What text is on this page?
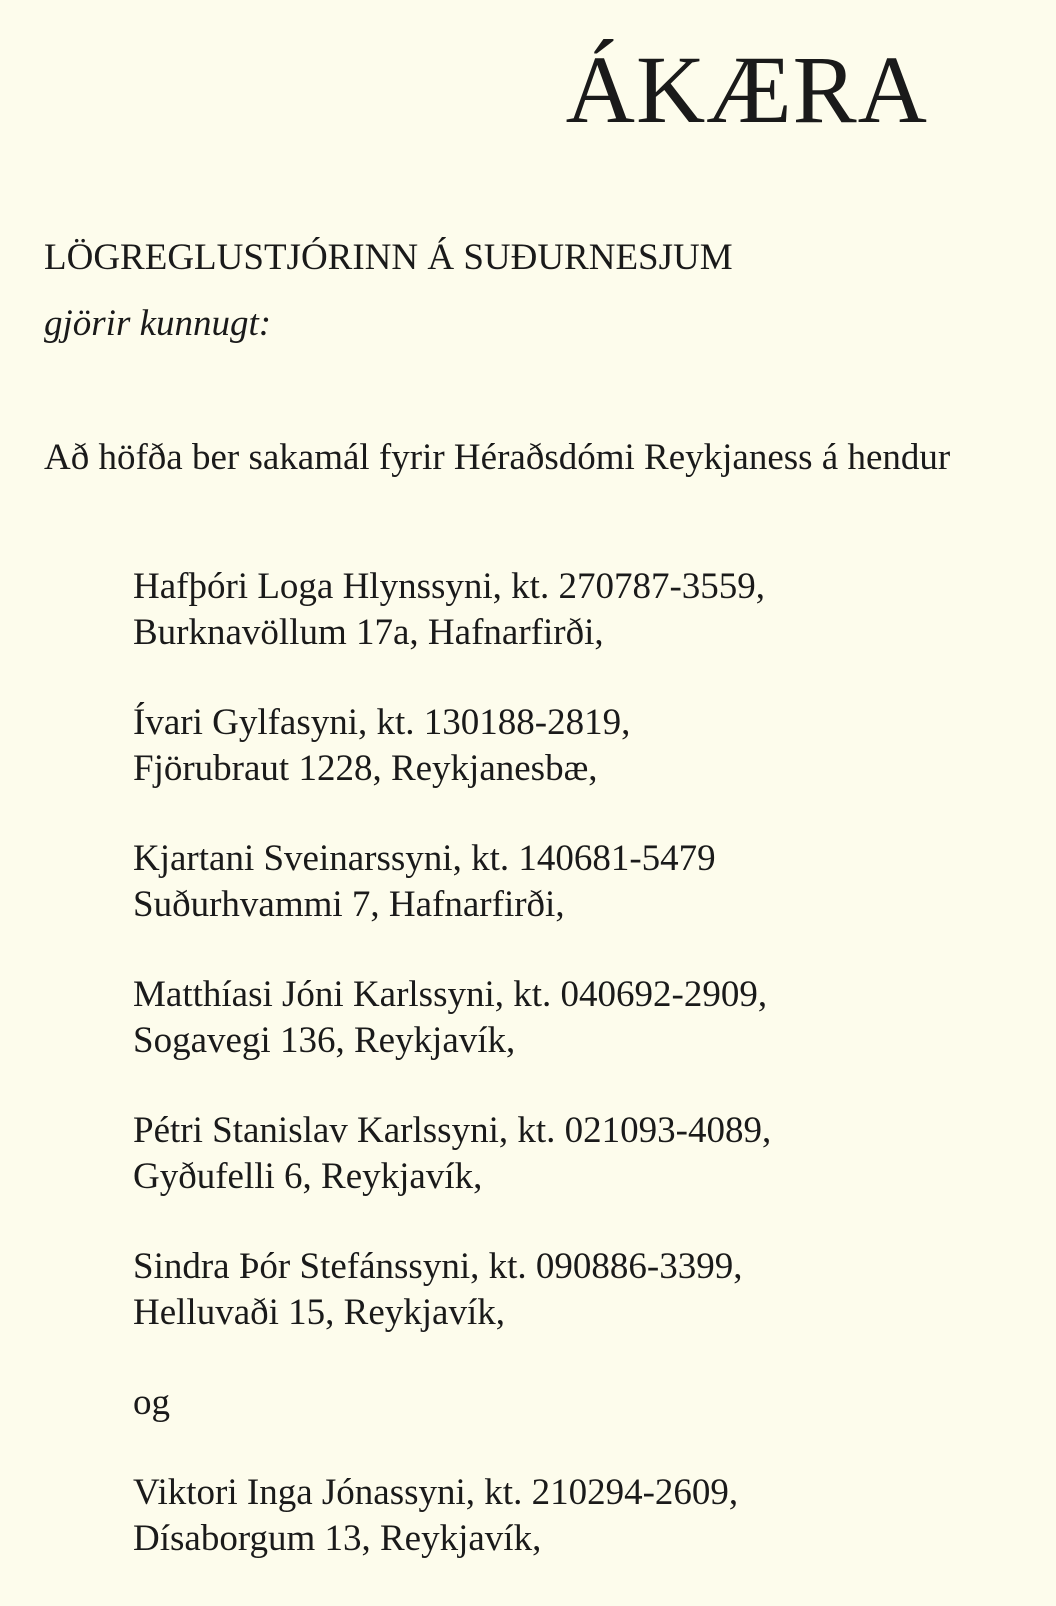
ÁKÆRA

LÖGREGLUSTJÓRINN Á SUÐURNESJUM

gjörir kunnugt:

Að höfða ber sakamál fyrir Héraðsdómi Reykjaness á hendur

Hafþóri Loga Hlynssyni, kt. 270787-3559,
Burknavöllum 17a, Hafnarfirði,

Ívari Gylfasyni, kt. 130188-2819,
Fjörubraut 1228, Reykjanesbæ,

Kjartani Sveinarssyni, kt. 140681-5479
Suðurhvammi 7, Hafnarfirði,

Matthíasi Jóni Karlssyni, kt. 040692-2909,
Sogavegi 136, Reykjavík,

Pétri Stanislav Karlssyni, kt. 021093-4089,
Gyðufelli 6, Reykjavík,

Sindra Þór Stefánssyni, kt. 090886-3399,
Helluvaði 15, Reykjavík,

og

Viktori Inga Jónassyni, kt. 210294-2609,
Dísaborgum 13, Reykjavík,
